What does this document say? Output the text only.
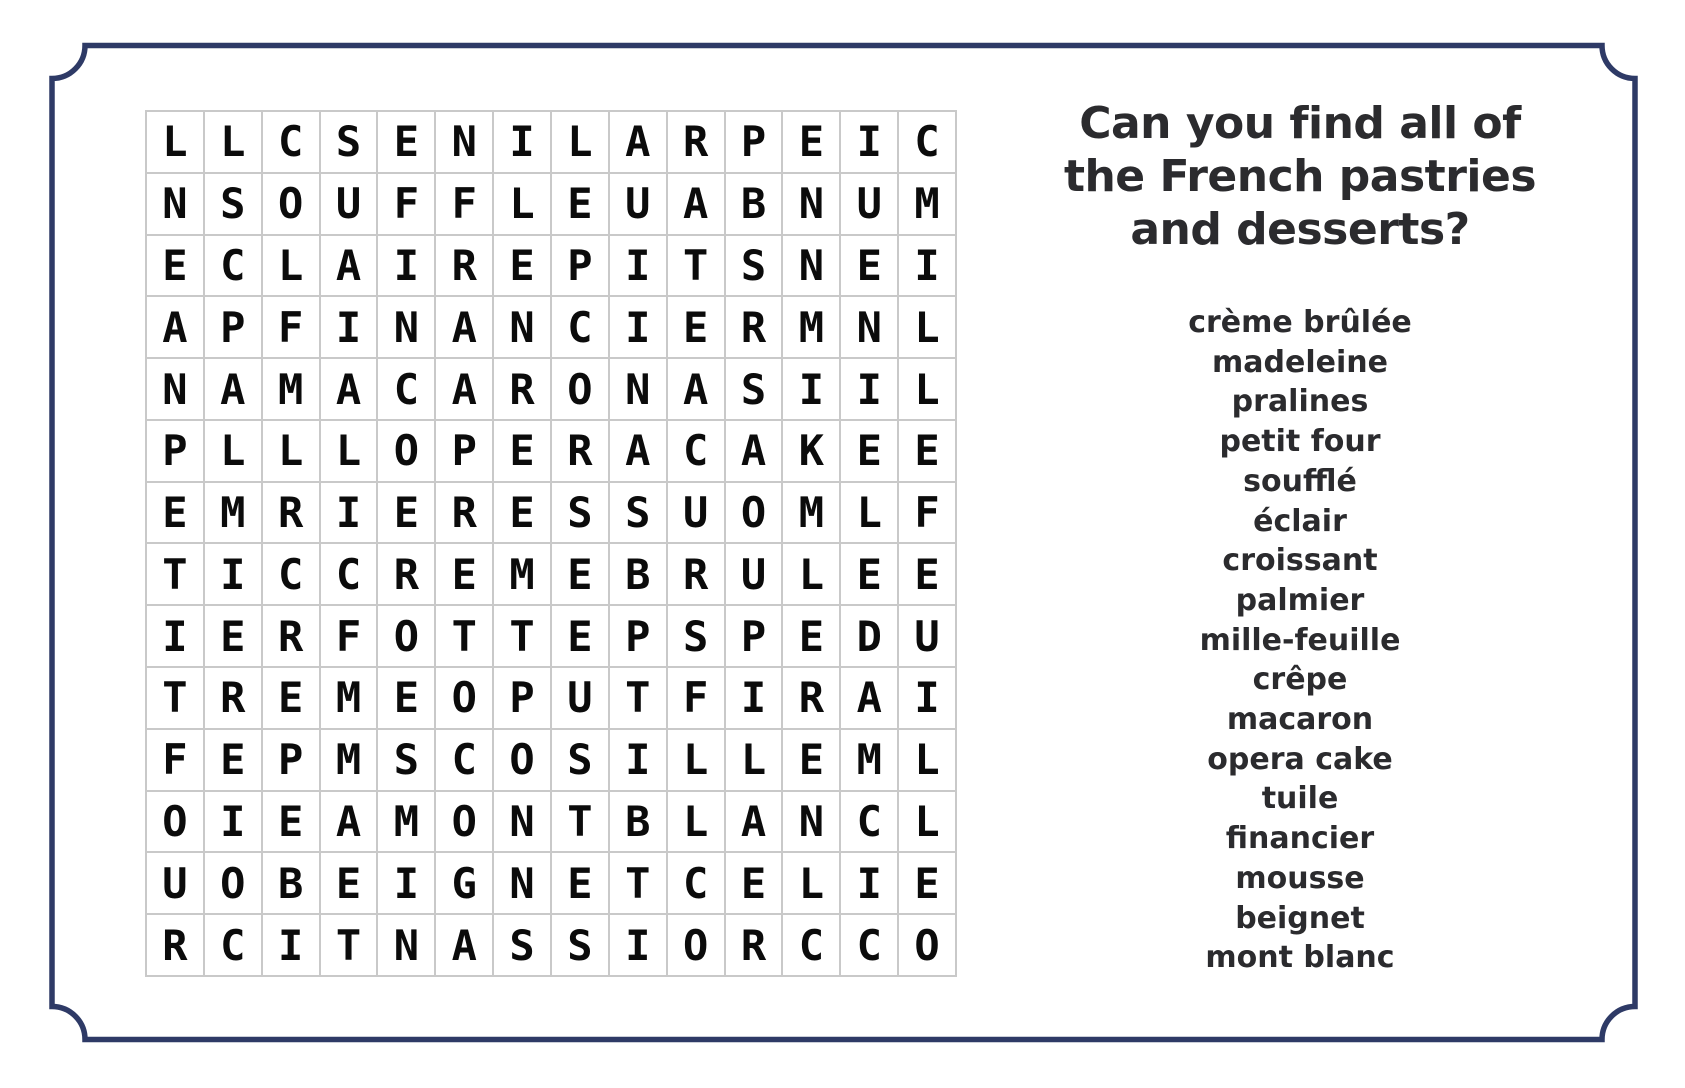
L L C S E N I L A R P E I C
N S O U F F L E U A B N U M
E C L A I R E P I T S N E I
A P F I N A N C I E R M N L
N A M A C A R O N A S I I L
P L L L O P E R A C A K E E
E M R I E R E S S U O M L F
T I C C R E M E B R U L E E
I E R F O T T E P S P E D U
T R E M E O P U T F I R A I
F E P M S C O S I L L E M L
O I E A M O N T B L A N C L
U O B E I G N E T C E L I E
R C I T N A S S I O R C C O
Can you find all of
the French pastries
and desserts?
crème brûlée
madeleine
pralines
petit four
soufflé
éclair
croissant
palmier
mille-feuille
crêpe
macaron
opera cake
tuile
financier
mousse
beignet
mont blanc
